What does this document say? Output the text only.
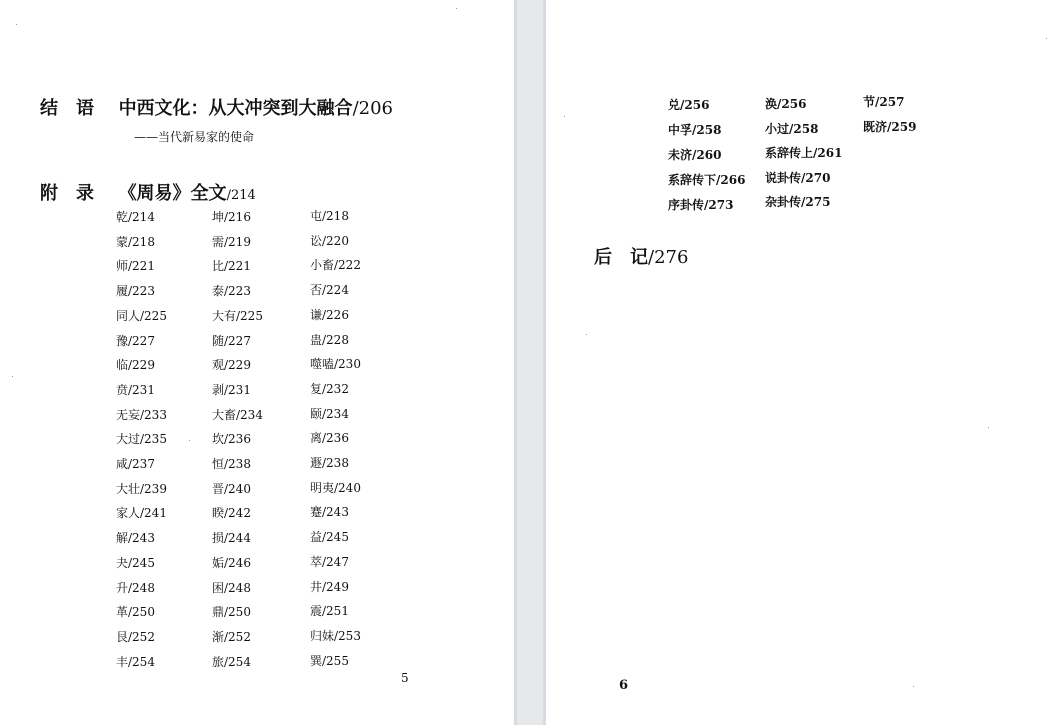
结　语 中西文化：从大冲突到大融合/206
——当代新易家的使命
附　录 《周易》全文/214
乾/214
蒙/218
师/221
履/223
同人/225
豫/227
临/229
贲/231
无妄/233
大过/235
咸/237
大壮/239
家人/241
解/243
夬/245
升/248
革/250
艮/252
丰/254
坤/216
需/219
比/221
泰/223
大有/225
随/227
观/229
剥/231
大畜/234
坎/236
恒/238
晋/240
睽/242
损/244
姤/246
困/248
鼎/250
渐/252
旅/254
屯/218
讼/220
小畜/222
否/224
谦/226
蛊/228
噬嗑/230
复/232
颐/234
离/236
遯/238
明夷/240
蹇/243
益/245
萃/247
井/249
震/251
归妹/253
巽/255
5
兑/256
中孚/258
未济/260
系辞传下/266
序卦传/273
涣/256
小过/258
系辞传上/261
说卦传/270
杂卦传/275
节/257
既济/259
后　记/276
6
